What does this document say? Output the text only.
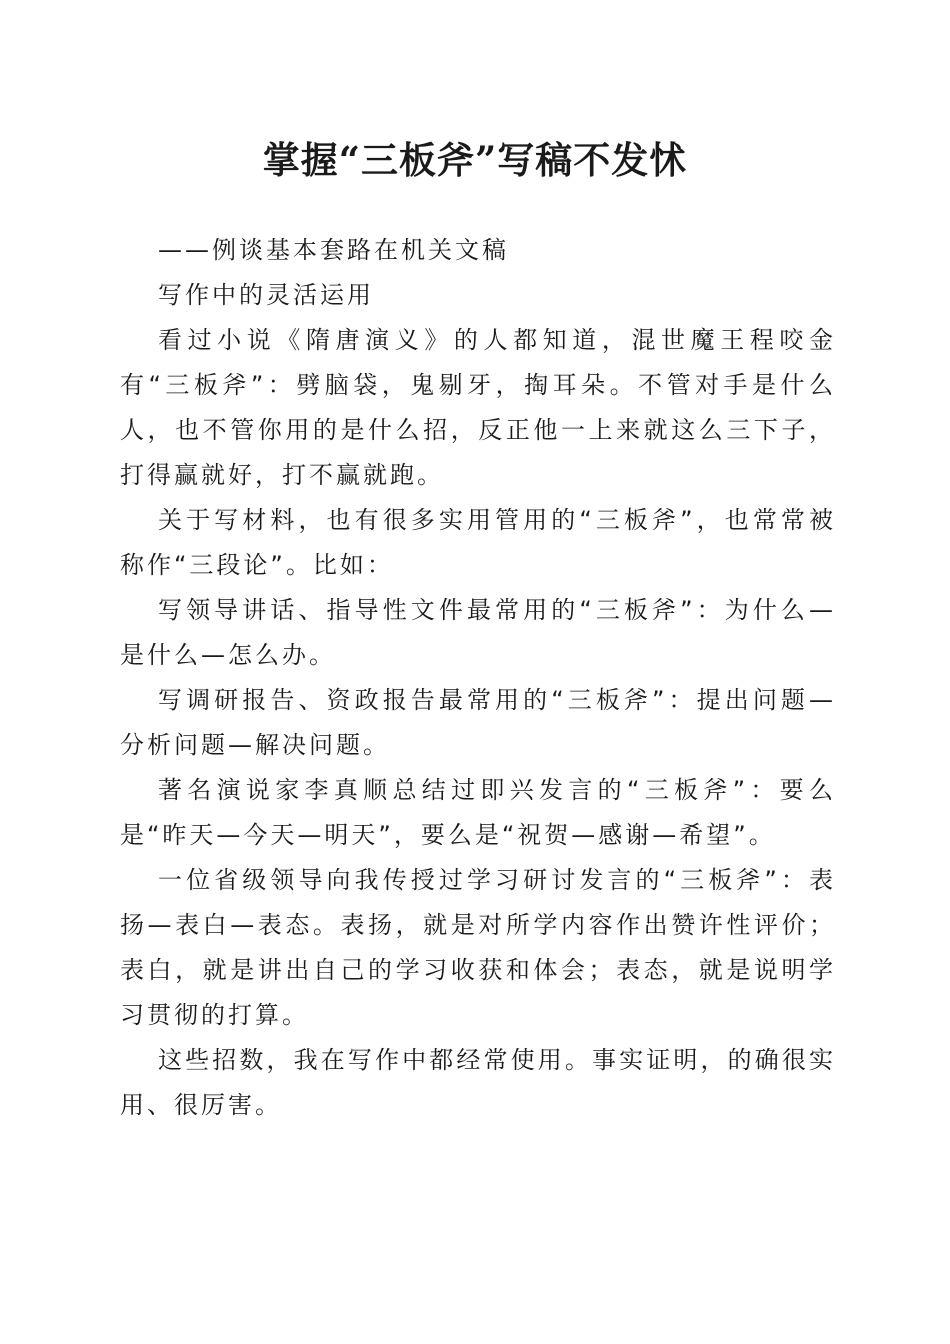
掌握“三板斧”写稿不发怵

——例谈基本套路在机关文稿

写作中的灵活运用

看过小说《隋唐演义》的人都知道，混世魔王程咬金有“三板斧”：劈脑袋，鬼剔牙，掏耳朵。不管对手是什么人，也不管你用的是什么招，反正他一上来就这么三下子，打得赢就好，打不赢就跑。

关于写材料，也有很多实用管用的“三板斧”，也常常被称作“三段论”。比如：

写领导讲话、指导性文件最常用的“三板斧”：为什么—是什么—怎么办。

写调研报告、资政报告最常用的“三板斧”：提出问题—分析问题—解决问题。

著名演说家李真顺总结过即兴发言的“三板斧”：要么是“昨天—今天—明天”，要么是“祝贺—感谢—希望”。

一位省级领导向我传授过学习研讨发言的“三板斧”：表扬—表白—表态。表扬，就是对所学内容作出赞许性评价；表白，就是讲出自己的学习收获和体会；表态，就是说明学习贯彻的打算。

这些招数，我在写作中都经常使用。事实证明，的确很实用、很厉害。
